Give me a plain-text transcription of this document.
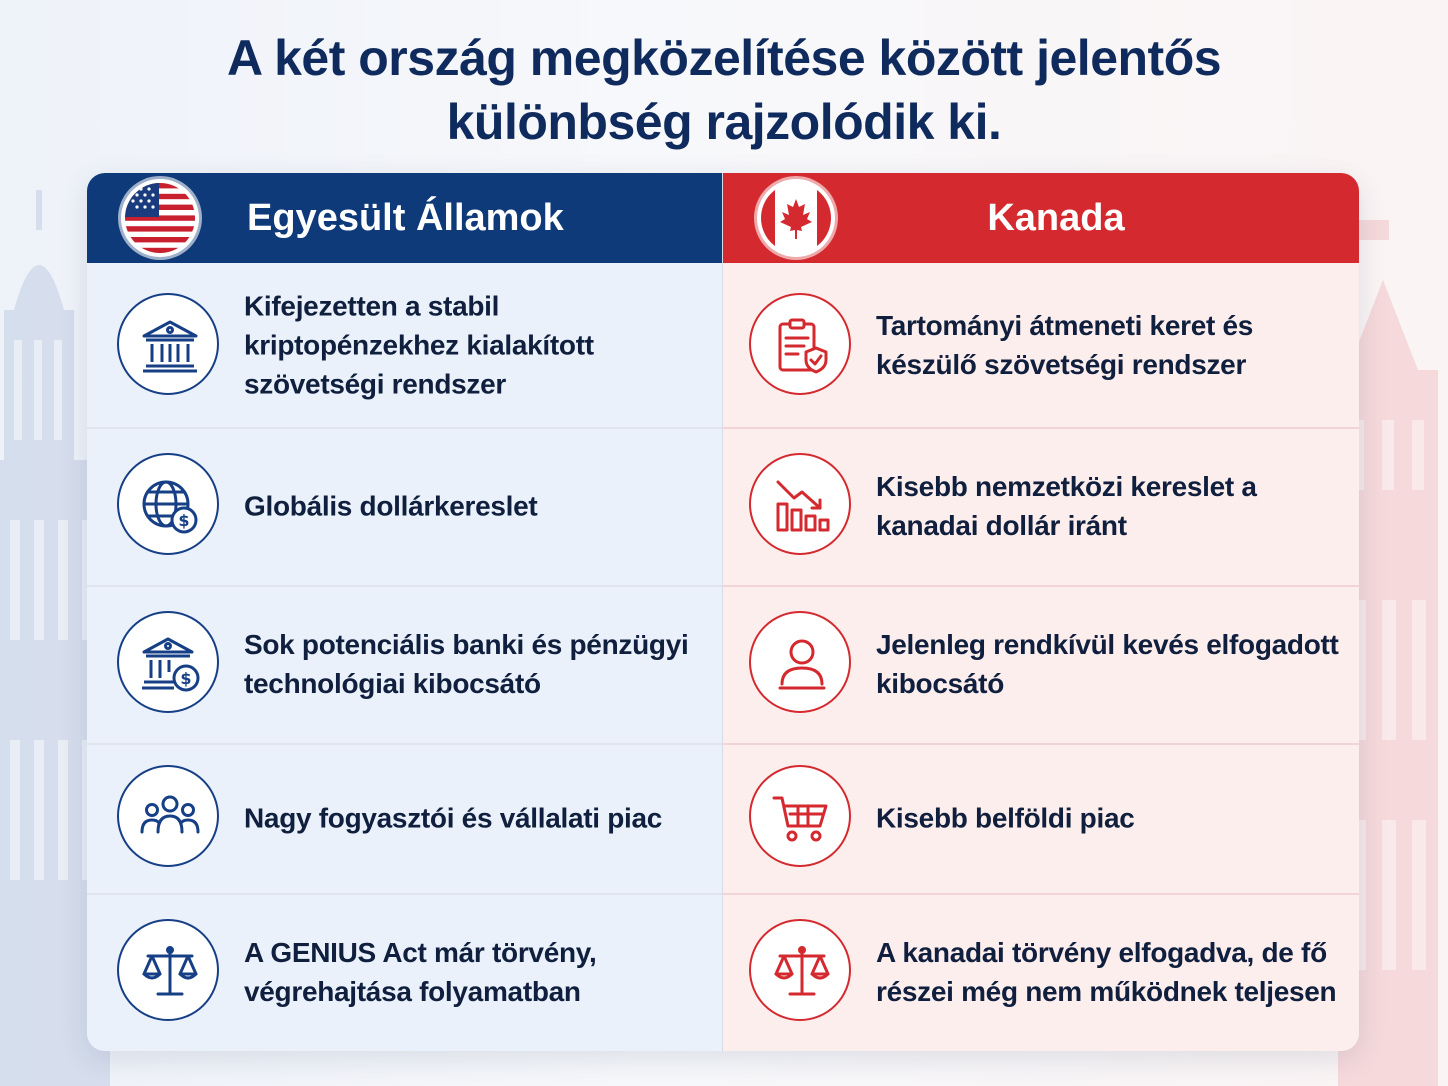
A két ország megközelítése között jelentős
különbség rajzolódik ki.
Egyesült Államok
Kifejezetten a stabil kriptopénzekhez kialakított szövetségi rendszer
$ Globális dollárkereslet
$
Sok potenciális banki és pénzügyi technológiai kibocsátó
Nagy fogyasztói és vállalati piac
A GENIUS Act már törvény, végrehajtása folyamatban
Kanada
Tartományi átmeneti keret és készülő szövetségi rendszer
Kisebb nemzetközi kereslet a kanadai dollár iránt
Jelenleg rendkívül kevés elfogadott kibocsátó
Kisebb belföldi piac
A kanadai törvény elfogadva, de fő részei még nem működnek teljesen
